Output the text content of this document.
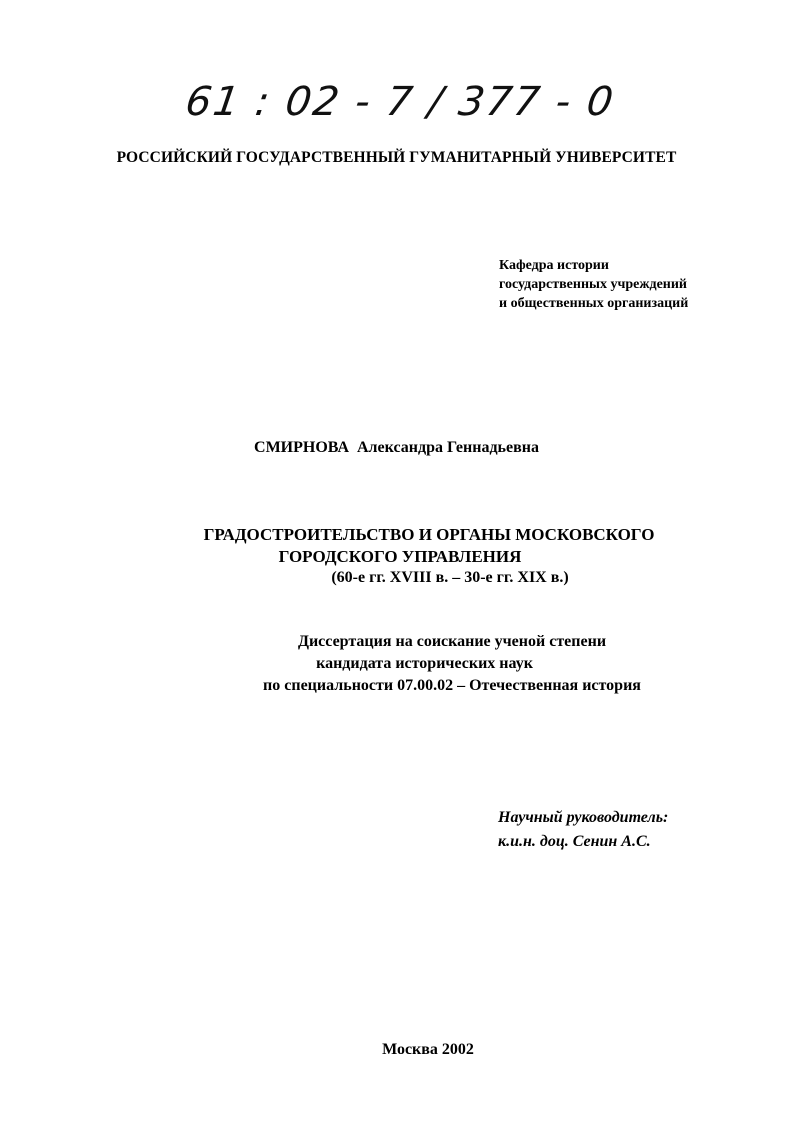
61 : 02 - 7 / 377 - 0
РОССИЙСКИЙ ГОСУДАРСТВЕННЫЙ ГУМАНИТАРНЫЙ УНИВЕРСИТЕТ
Кафедра истории
государственных учреждений
и общественных организаций
СМИРНОВА Александра Геннадьевна
ГРАДОСТРОИТЕЛЬСТВО И ОРГАНЫ МОСКОВСКОГО
ГОРОДСКОГО УПРАВЛЕНИЯ
(60-е гг. XVIII в. – 30-е гг. XIX в.)
Диссертация на соискание ученой степени
кандидата исторических наук
по специальности 07.00.02 – Отечественная история
Научный руководитель:
к.и.н. доц. Сенин А.С.
Москва 2002
